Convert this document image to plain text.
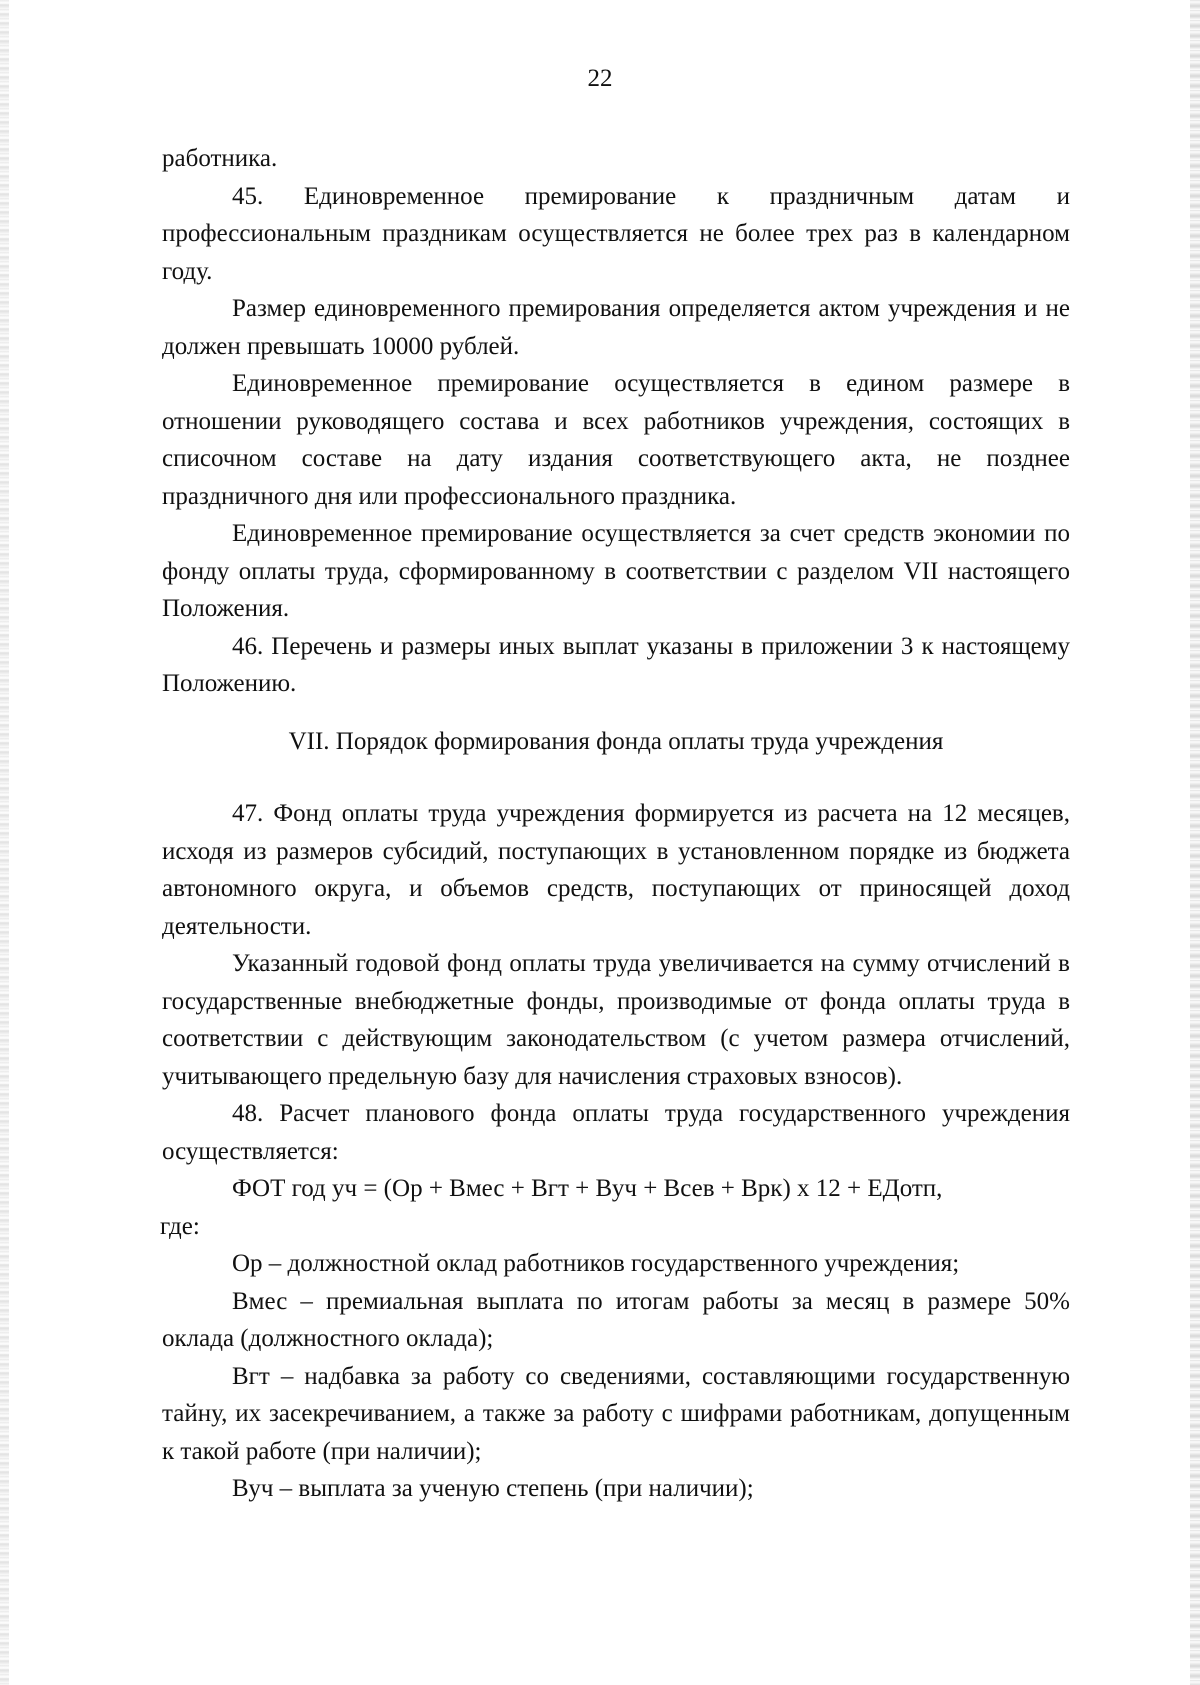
22

работника.

45. Единовременное премирование к праздничным датам и профессиональным праздникам осуществляется не более трех раз в календарном году.

Размер единовременного премирования определяется актом учреждения и не должен превышать 10000 рублей.

Единовременное премирование осуществляется в едином размере в отношении руководящего состава и всех работников учреждения, состоящих в списочном составе на дату издания соответствующего акта, не позднее праздничного дня или профессионального праздника.

Единовременное премирование осуществляется за счет средств экономии по фонду оплаты труда, сформированному в соответствии с разделом VII настоящего Положения.

46. Перечень и размеры иных выплат указаны в приложении 3 к настоящему Положению.

VII. Порядок формирования фонда оплаты труда учреждения

47. Фонд оплаты труда учреждения формируется из расчета на 12 месяцев, исходя из размеров субсидий, поступающих в установленном порядке из бюджета автономного округа, и объемов средств, поступающих от приносящей доход деятельности.

Указанный годовой фонд оплаты труда увеличивается на сумму отчислений в государственные внебюджетные фонды, производимые от фонда оплаты труда в соответствии с действующим законодательством (с учетом размера отчислений, учитывающего предельную базу для начисления страховых взносов).

48. Расчет планового фонда оплаты труда государственного учреждения осуществляется:

ФОТ год уч = (Ор + Вмес + Вгт + Вуч + Всев + Врк) х 12 + ЕДотп,

где:

Ор – должностной оклад работников государственного учреждения;

Вмес – премиальная выплата по итогам работы за месяц в размере 50% оклада (должностного оклада);

Вгт – надбавка за работу со сведениями, составляющими государственную тайну, их засекречиванием, а также за работу с шифрами работникам, допущенным к такой работе (при наличии);

Вуч – выплата за ученую степень (при наличии);
